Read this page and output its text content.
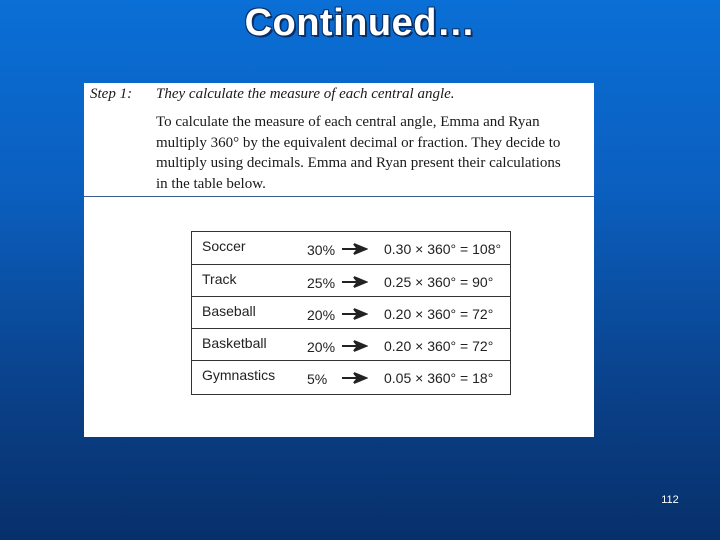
Continued…
Step 1: They calculate the measure of each central angle.
To calculate the measure of each central angle, Emma and Ryan multiply 360° by the equivalent decimal or fraction. They decide to multiply using decimals. Emma and Ryan present their calculations in the table below.
Soccer	30%	0.30 × 360° = 108°
Track	25%	0.25 × 360° = 90°
Baseball	20%	0.20 × 360° = 72°
Basketball	20%	0.20 × 360° = 72°
Gymnastics 5%	0.05 × 360° = 18°
112
